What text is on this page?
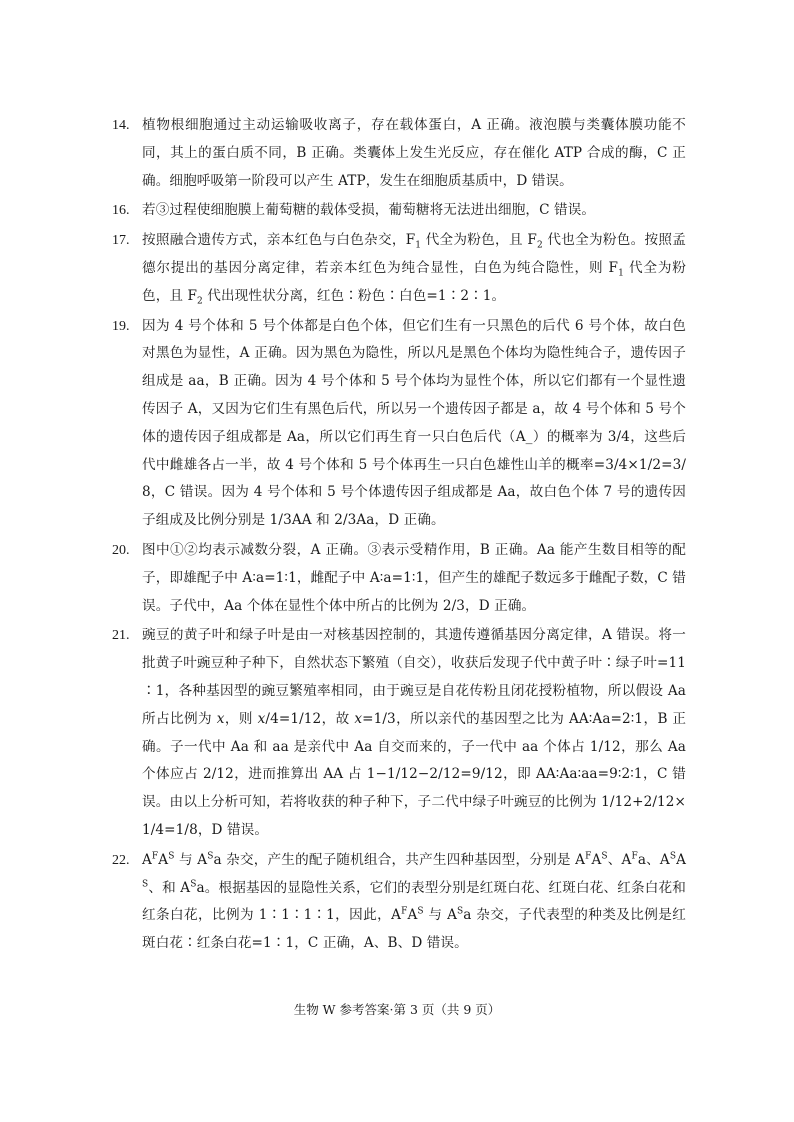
14. 植物根细胞通过主动运输吸收离子，存在载体蛋白，A 正确。液泡膜与类囊体膜功能不同，其上的蛋白质不同，B 正确。类囊体上发生光反应，存在催化 ATP 合成的酶，C 正确。细胞呼吸第一阶段可以产生 ATP，发生在细胞质基质中，D 错误。
16. 若③过程使细胞膜上葡萄糖的载体受损，葡萄糖将无法进出细胞，C 错误。
17. 按照融合遗传方式，亲本红色与白色杂交，$F_1$ 代全为粉色，且 $F_2$ 代也全为粉色。按照孟德尔提出的基因分离定律，若亲本红色为纯合显性，白色为纯合隐性，则 $F_1$ 代全为粉色，且 $F_2$ 代出现性状分离，红色∶粉色∶白色=1∶2∶1。
19. 因为 4 号个体和 5 号个体都是白色个体，但它们生有一只黑色的后代 6 号个体，故白色对黑色为显性，A 正确。因为黑色为隐性，所以凡是黑色个体均为隐性纯合子，遗传因子组成是 aa，B 正确。因为 4 号个体和 5 号个体均为显性个体，所以它们都有一个显性遗传因子 A，又因为它们生有黑色后代，所以另一个遗传因子都是 a，故 4 号个体和 5 号个体的遗传因子组成都是 Aa，所以它们再生育一只白色后代（A_）的概率为 3/4，这些后代中雌雄各占一半，故 4 号个体和 5 号个体再生一只白色雄性山羊的概率=3/4×1/2=3/8，C 错误。因为 4 号个体和 5 号个体遗传因子组成都是 Aa，故白色个体 7 号的遗传因子组成及比例分别是 1/3AA 和 2/3Aa，D 正确。
20. 图中①②均表示减数分裂，A 正确。③表示受精作用，B 正确。Aa 能产生数目相等的配子，即雄配子中 A∶a=1∶1，雌配子中 A∶a=1∶1，但产生的雄配子数远多于雌配子数，C 错误。子代中，Aa 个体在显性个体中所占的比例为 2/3，D 正确。
21. 豌豆的黄子叶和绿子叶是由一对核基因控制的，其遗传遵循基因分离定律，A 错误。将一批黄子叶豌豆种子种下，自然状态下繁殖（自交），收获后发现子代中黄子叶∶绿子叶=11∶1，各种基因型的豌豆繁殖率相同，由于豌豆是自花传粉且闭花授粉植物，所以假设 Aa 所占比例为 x，则 x/4=1/12，故 x=1/3，所以亲代的基因型之比为 AA∶Aa=2∶1，B 正确。子一代中 Aa 和 aa 是亲代中 Aa 自交而来的，子一代中 aa 个体占 1/12，那么 Aa 个体应占 2/12，进而推算出 AA 占 1−1/12−2/12=9/12，即 AA∶Aa∶aa=9∶2∶1，C 错误。由以上分析可知，若将收获的种子种下，子二代中绿子叶豌豆的比例为 1/12+2/12×1/4=1/8，D 错误。
22. $A^FA^S$ 与 $A^Sa$ 杂交，产生的配子随机组合，共产生四种基因型，分别是 $A^FA^S$、$A^Fa$、$A^SA^S$、和 $A^Sa$。根据基因的显隐性关系，它们的表型分别是红斑白花、红斑白花、红条白花和红条白花，比例为 1∶1∶1∶1，因此，$A^FA^S$ 与 $A^Sa$ 杂交，子代表型的种类及比例是红斑白花∶红条白花=1∶1，C 正确，A、B、D 错误。
生物 W 参考答案·第 3 页（共 9 页）
